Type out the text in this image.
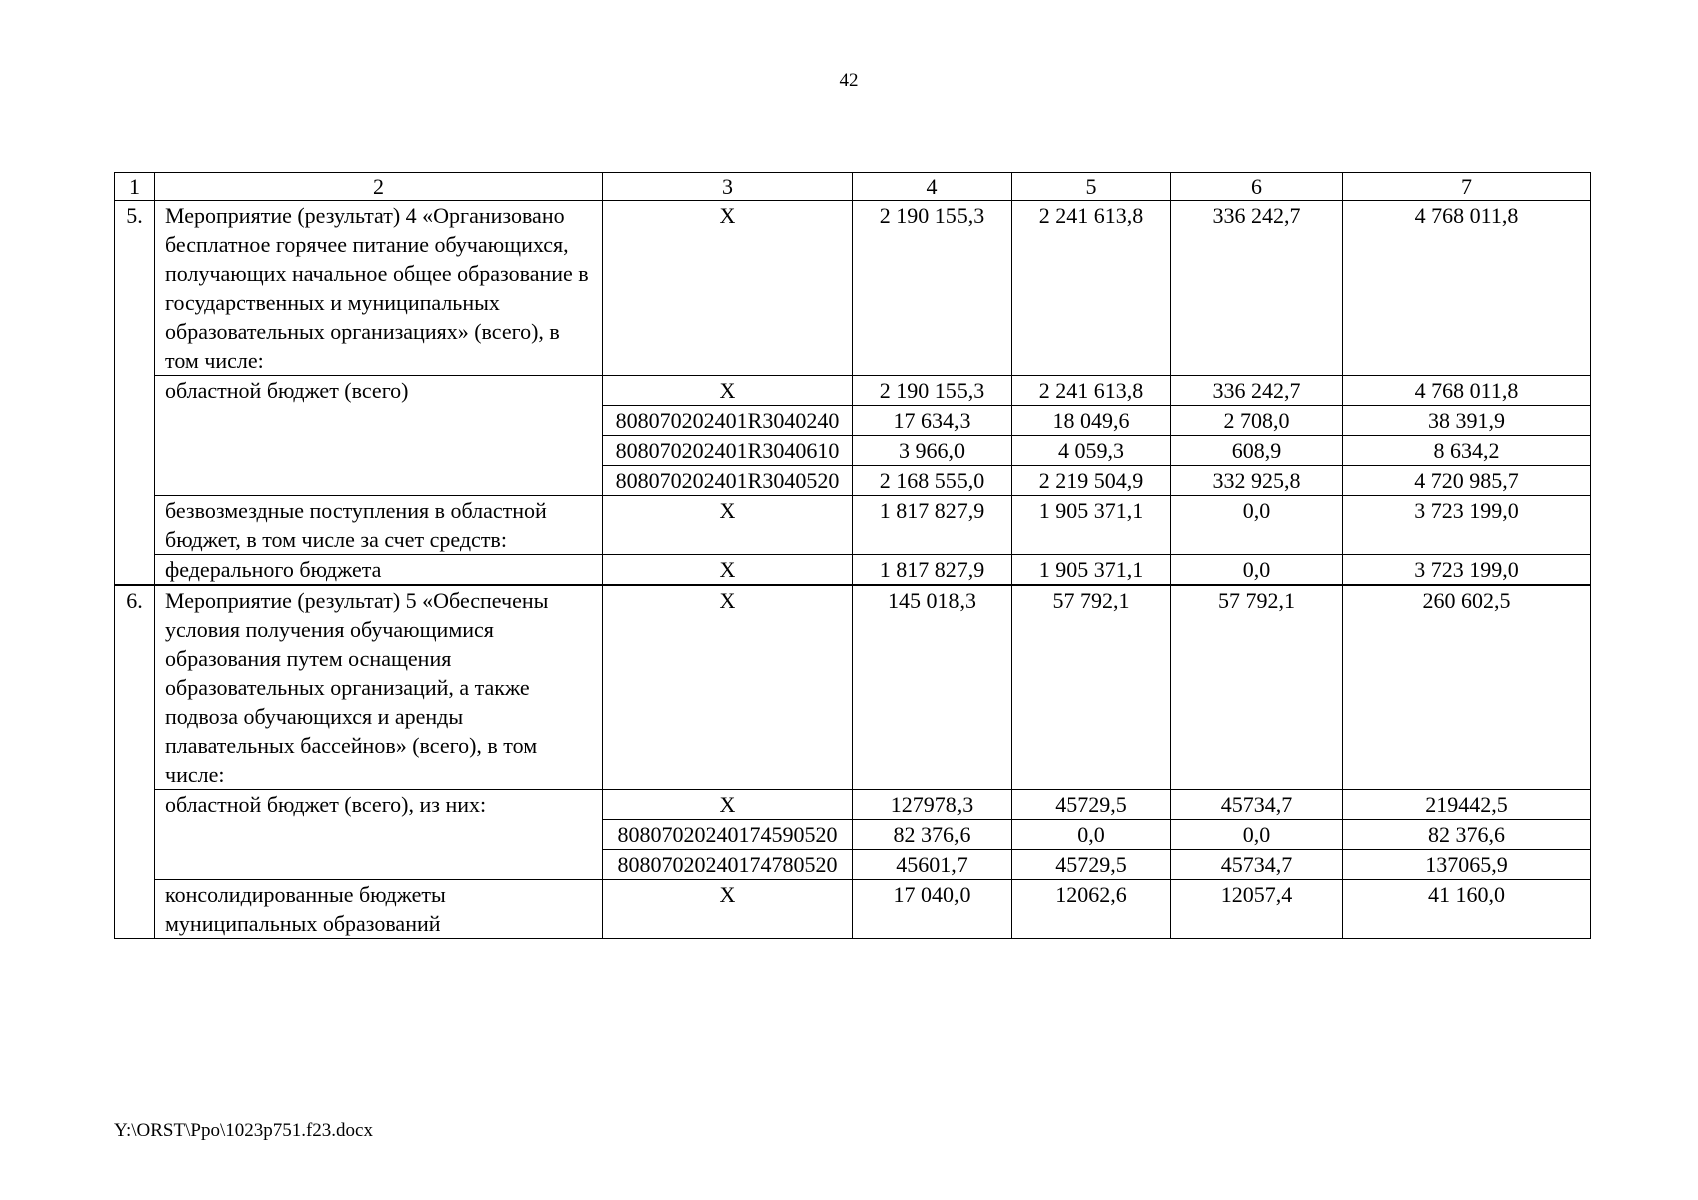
42
1	2	3	4	5	6	7
5.	Мероприятие (результат) 4 «Организовано бесплатное горячее питание обучающихся, получающих начальное общее образование в государственных и муниципальных образовательных организациях» (всего), в том числе:	Х	2 190 155,3	2 241 613,8	336 242,7	4 768 011,8
	областной бюджет (всего)	Х	2 190 155,3	2 241 613,8	336 242,7	4 768 011,8
		808070202401R3040240	17 634,3	18 049,6	2 708,0	38 391,9
		808070202401R3040610	3 966,0	4 059,3	608,9	8 634,2
		808070202401R3040520	2 168 555,0	2 219 504,9	332 925,8	4 720 985,7
	безвозмездные поступления в областной бюджет, в том числе за счет средств:	Х	1 817 827,9	1 905 371,1	0,0	3 723 199,0
	федерального бюджета	Х	1 817 827,9	1 905 371,1	0,0	3 723 199,0
6.	Мероприятие (результат) 5 «Обеспечены условия получения обучающимися образования путем оснащения образовательных организаций, а также подвоза обучающихся и аренды плавательных бассейнов» (всего), в том числе:	Х	145 018,3	57 792,1	57 792,1	260 602,5
	областной бюджет (всего), из них:	Х	127978,3	45729,5	45734,7	219442,5
		80807020240174590520	82 376,6	0,0	0,0	82 376,6
		80807020240174780520	45601,7	45729,5	45734,7	137065,9
	консолидированные бюджеты муниципальных образований	Х	17 040,0	12062,6	12057,4	41 160,0
Y:\ORST\Ppo\1023p751.f23.docx
